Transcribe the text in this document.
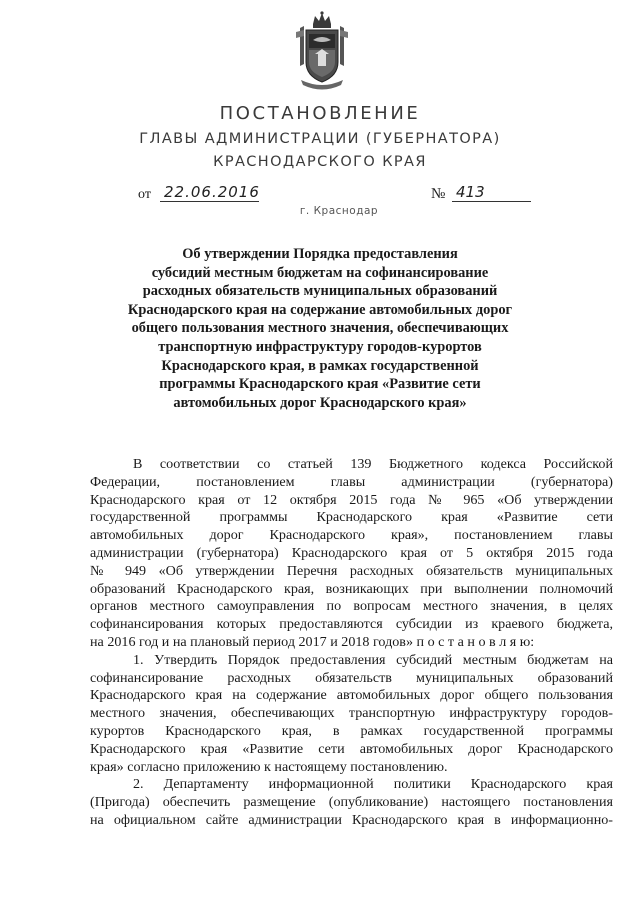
ПОСТАНОВЛЕНИЕ
ГЛАВЫ АДМИНИСТРАЦИИ (ГУБЕРНАТОРА)
КРАСНОДАРСКОГО КРАЯ
от 22.06.2016	№ 413
г. Краснодар
Об утверждении Порядка предоставления
субсидий местным бюджетам на софинансирование
расходных обязательств муниципальных образований
Краснодарского края на содержание автомобильных дорог
общего пользования местного значения, обеспечивающих
транспортную инфраструктуру городов-курортов
Краснодарского края, в рамках государственной
программы Краснодарского края «Развитие сети
автомобильных дорог Краснодарского края»
В соответствии со статьей 139 Бюджетного кодекса Российской
Федерации, постановлением главы администрации (губернатора)
Краснодарского края от 12 октября 2015 года № 965 «Об утверждении
государственной программы Краснодарского края «Развитие сети
автомобильных дорог Краснодарского края», постановлением главы
администрации (губернатора) Краснодарского края от 5 октября 2015 года
№ 949 «Об утверждении Перечня расходных обязательств муниципальных
образований Краснодарского края, возникающих при выполнении полномочий
органов местного самоуправления по вопросам местного значения, в целях
софинансирования которых предоставляются субсидии из краевого бюджета,
на 2016 год и на плановый период 2017 и 2018 годов» п о с т а н о в л я ю:
1. Утвердить Порядок предоставления субсидий местным бюджетам на
софинансирование расходных обязательств муниципальных образований
Краснодарского края на содержание автомобильных дорог общего пользования
местного значения, обеспечивающих транспортную инфраструктуру городов-
курортов Краснодарского края, в рамках государственной программы
Краснодарского края «Развитие сети автомобильных дорог Краснодарского
края» согласно приложению к настоящему постановлению.
2. Департаменту информационной политики Краснодарского края
(Пригода) обеспечить размещение (опубликование) настоящего постановления
на официальном сайте администрации Краснодарского края в информационно-
